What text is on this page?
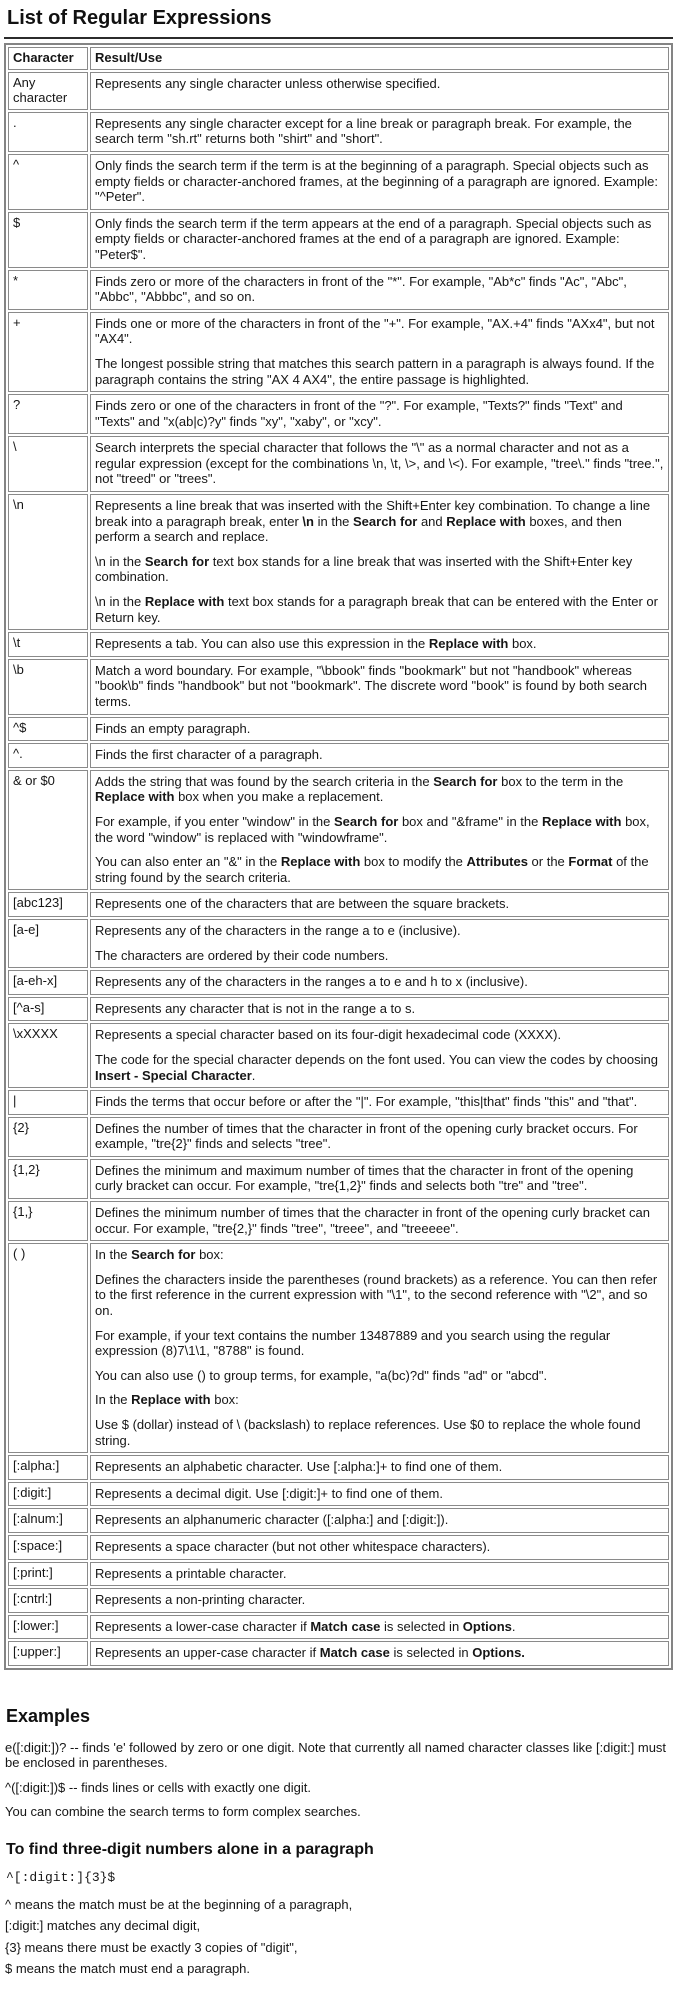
List of Regular Expressions
Character	Result/Use
Any character	Represents any single character unless otherwise specified.

.	Represents any single character except for a line break or paragraph break. For example, the search term "sh.rt" returns both "shirt" and "short".

^	Only finds the search term if the term is at the beginning of a paragraph. Special objects such as empty fields or character-anchored frames, at the beginning of a paragraph are ignored. Example: "^Peter".

$	Only finds the search term if the term appears at the end of a paragraph. Special objects such as empty fields or character-anchored frames at the end of a paragraph are ignored. Example: "Peter$".

*	Finds zero or more of the characters in front of the "*". For example, "Ab*c" finds "Ac", "Abc", "Abbc", "Abbbc", and so on.

+	Finds one or more of the characters in front of the "+". For example, "AX.+4" finds "AXx4", but not "AX4".

The longest possible string that matches this search pattern in a paragraph is always found. If the paragraph contains the string "AX 4 AX4", the entire passage is highlighted.

?	Finds zero or one of the characters in front of the "?". For example, "Texts?" finds "Text" and "Texts" and "x(ab|c)?y" finds "xy", "xaby", or "xcy".

\	Search interprets the special character that follows the "\" as a normal character and not as a regular expression (except for the combinations \n, \t, \>, and \<). For example, "tree\." finds "tree.", not "treed" or "trees".

\n	Represents a line break that was inserted with the Shift+Enter key combination. To change a line break into a paragraph break, enter \n in the Search for and Replace with boxes, and then perform a search and replace.

\n in the Search for text box stands for a line break that was inserted with the Shift+Enter key combination.

\n in the Replace with text box stands for a paragraph break that can be entered with the Enter or Return key.

\t	Represents a tab. You can also use this expression in the Replace with box.

\b	Match a word boundary. For example, "\bbook" finds "bookmark" but not "handbook" whereas "book\b" finds "handbook" but not "bookmark". The discrete word "book" is found by both search terms.

^$	Finds an empty paragraph.

^.	Finds the first character of a paragraph.

& or $0	Adds the string that was found by the search criteria in the Search for box to the term in the Replace with box when you make a replacement.

For example, if you enter "window" in the Search for box and "&frame" in the Replace with box, the word "window" is replaced with "windowframe".

You can also enter an "&" in the Replace with box to modify the Attributes or the Format of the string found by the search criteria.

[abc123]	Represents one of the characters that are between the square brackets.

[a-e]	Represents any of the characters in the range a to e (inclusive).

The characters are ordered by their code numbers.

[a-eh-x]	Represents any of the characters in the ranges a to e and h to x (inclusive).

[^a-s]	Represents any character that is not in the range a to s.

\xXXXX	Represents a special character based on its four-digit hexadecimal code (XXXX).

The code for the special character depends on the font used. You can view the codes by choosing Insert - Special Character.

|	Finds the terms that occur before or after the "|". For example, "this|that" finds "this" and "that".

{2}	Defines the number of times that the character in front of the opening curly bracket occurs. For example, "tre{2}" finds and selects "tree".

{1,2}	Defines the minimum and maximum number of times that the character in front of the opening curly bracket can occur. For example, "tre{1,2}" finds and selects both "tre" and "tree".

{1,}	Defines the minimum number of times that the character in front of the opening curly bracket can occur. For example, "tre{2,}" finds "tree", "treee", and "treeeee".

( )	In the Search for box:

Defines the characters inside the parentheses (round brackets) as a reference. You can then refer to the first reference in the current expression with "\1", to the second reference with "\2", and so on.

For example, if your text contains the number 13487889 and you search using the regular expression (8)7\1\1, "8788" is found.

You can also use () to group terms, for example, "a(bc)?d" finds "ad" or "abcd".

In the Replace with box:

Use $ (dollar) instead of \ (backslash) to replace references. Use $0 to replace the whole found string.

[:alpha:]	Represents an alphabetic character. Use [:alpha:]+ to find one of them.

[:digit:]	Represents a decimal digit. Use [:digit:]+ to find one of them.

[:alnum:]	Represents an alphanumeric character ([:alpha:] and [:digit:]).

[:space:]	Represents a space character (but not other whitespace characters).

[:print:]	Represents a printable character.

[:cntrl:]	Represents a non-printing character.

[:lower:]	Represents a lower-case character if Match case is selected in Options.

[:upper:]	Represents an upper-case character if Match case is selected in Options.

Examples

e([:digit:])? -- finds 'e' followed by zero or one digit. Note that currently all named character classes like [:digit:] must be enclosed in parentheses.

^([:digit:])$ -- finds lines or cells with exactly one digit.

You can combine the search terms to form complex searches.

To find three-digit numbers alone in a paragraph
^[:digit:]{3}$

^ means the match must be at the beginning of a paragraph,

[:digit:] matches any decimal digit,

{3} means there must be exactly 3 copies of "digit",

$ means the match must end a paragraph.
